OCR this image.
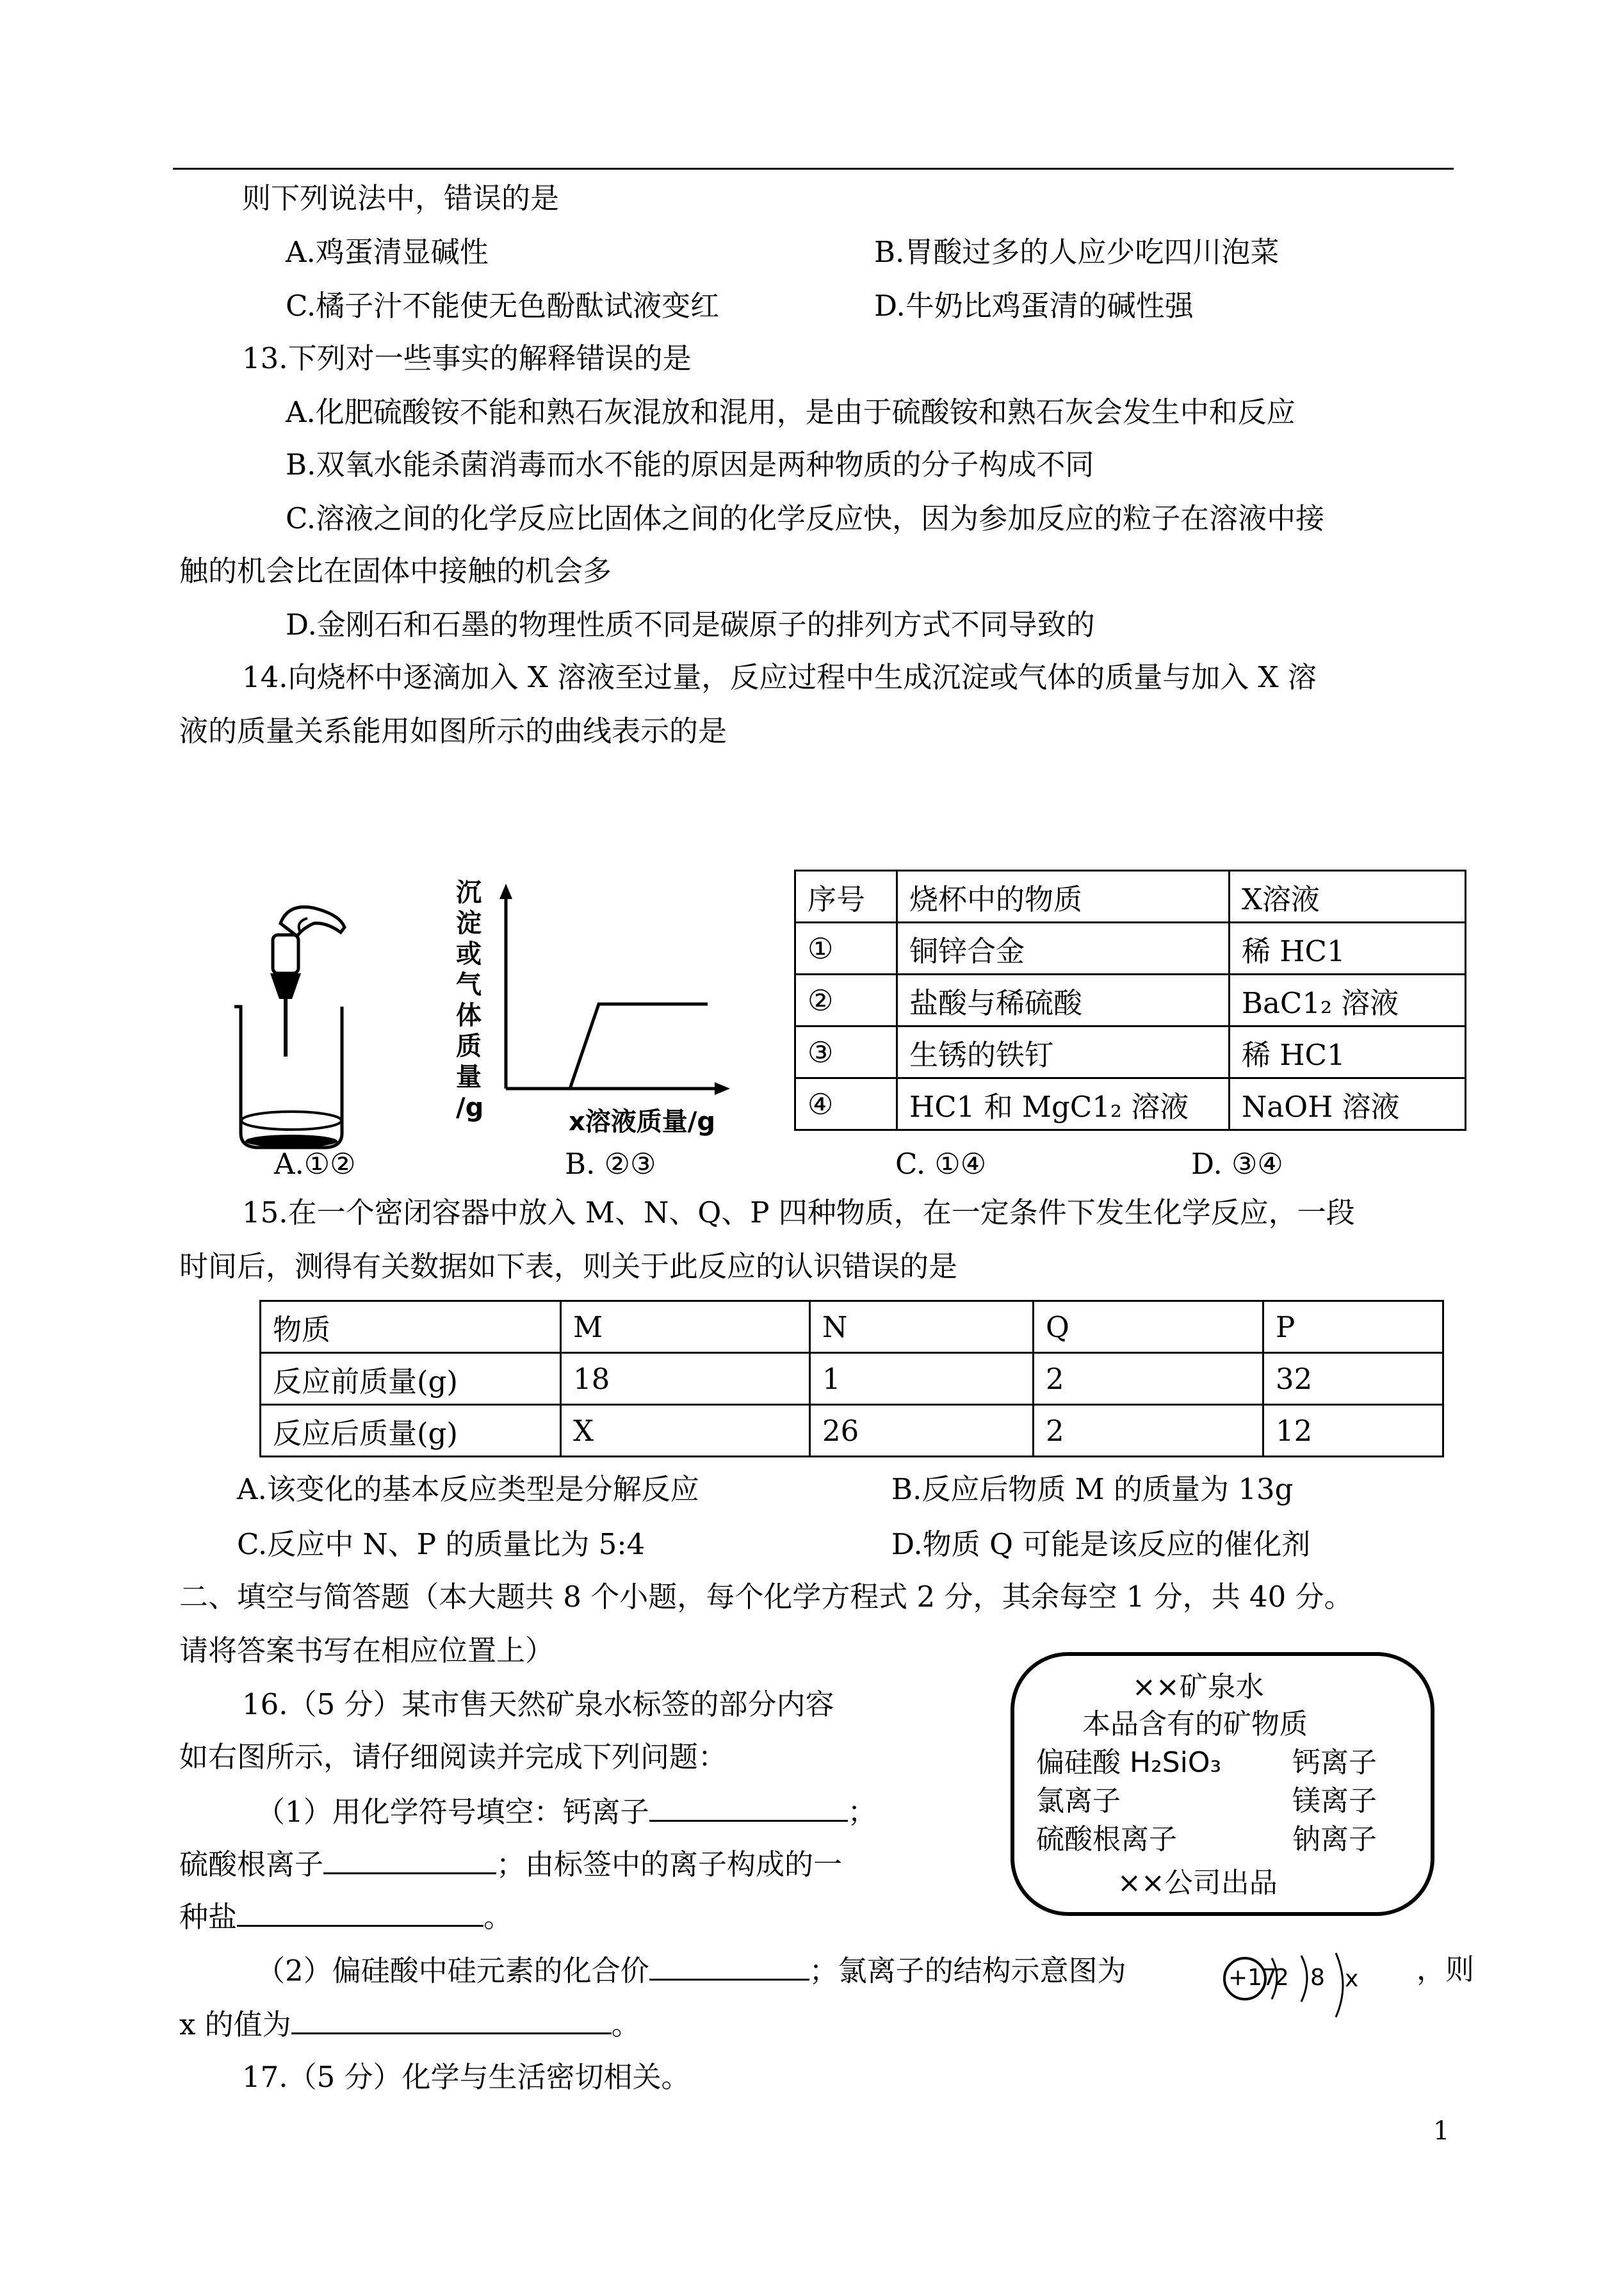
则下列说法中，错误的是
A.鸡蛋清显碱性	B.胃酸过多的人应少吃四川泡菜
C.橘子汁不能使无色酚酞试液变红	D.牛奶比鸡蛋清的碱性强
13.下列对一些事实的解释错误的是
A.化肥硫酸铵不能和熟石灰混放和混用，是由于硫酸铵和熟石灰会发生中和反应
B.双氧水能杀菌消毒而水不能的原因是两种物质的分子构成不同
C.溶液之间的化学反应比固体之间的化学反应快，因为参加反应的粒子在溶液中接
触的机会比在固体中接触的机会多
D.金刚石和石墨的物理性质不同是碳原子的排列方式不同导致的
14.向烧杯中逐滴加入 X 溶液至过量，反应过程中生成沉淀或气体的质量与加入 X 溶
液的质量关系能用如图所示的曲线表示的是
沉
淀
或
气
体
质
量
/g	x溶液质量/g
序号	烧杯中的物质	X溶液
①	铜锌合金	稀 HC1
②	盐酸与稀硫酸	BaC1₂ 溶液
③	生锈的铁钉	稀 HC1
④	HC1 和 MgC1₂ 溶液	NaOH 溶液
A.①②	B. ②③	C. ①④	D. ③④
15.在一个密闭容器中放入 M、N、Q、P 四种物质，在一定条件下发生化学反应，一段
时间后，测得有关数据如下表，则关于此反应的认识错误的是
物质	M	N	Q	P
反应前质量(g)	18	1	2	32
反应后质量(g)	X	26	2	12
A.该变化的基本反应类型是分解反应	B.反应后物质 M 的质量为 13g
C.反应中 N、P 的质量比为 5:4	D.物质 Q 可能是该反应的催化剂
二、填空与简答题（本大题共 8 个小题，每个化学方程式 2 分，其余每空 1 分，共 40 分。
请将答案书写在相应位置上）
16.（5 分）某市售天然矿泉水标签的部分内容
如右图所示，请仔细阅读并完成下列问题：
（1）用化学符号填空：钙离子	；
硫酸根离子	；由标签中的离子构成的一
种盐	。
（2）偏硅酸中硅元素的化合价	；氯离子的结构示意图为	，则
+17
2 8 x
x 的值为	。
××矿泉水
本品含有的矿物质
偏硅酸 H₂SiO₃	钙离子
氯离子	镁离子
硫酸根离子	钠离子
××公司出品
17.（5 分）化学与生活密切相关。
1
